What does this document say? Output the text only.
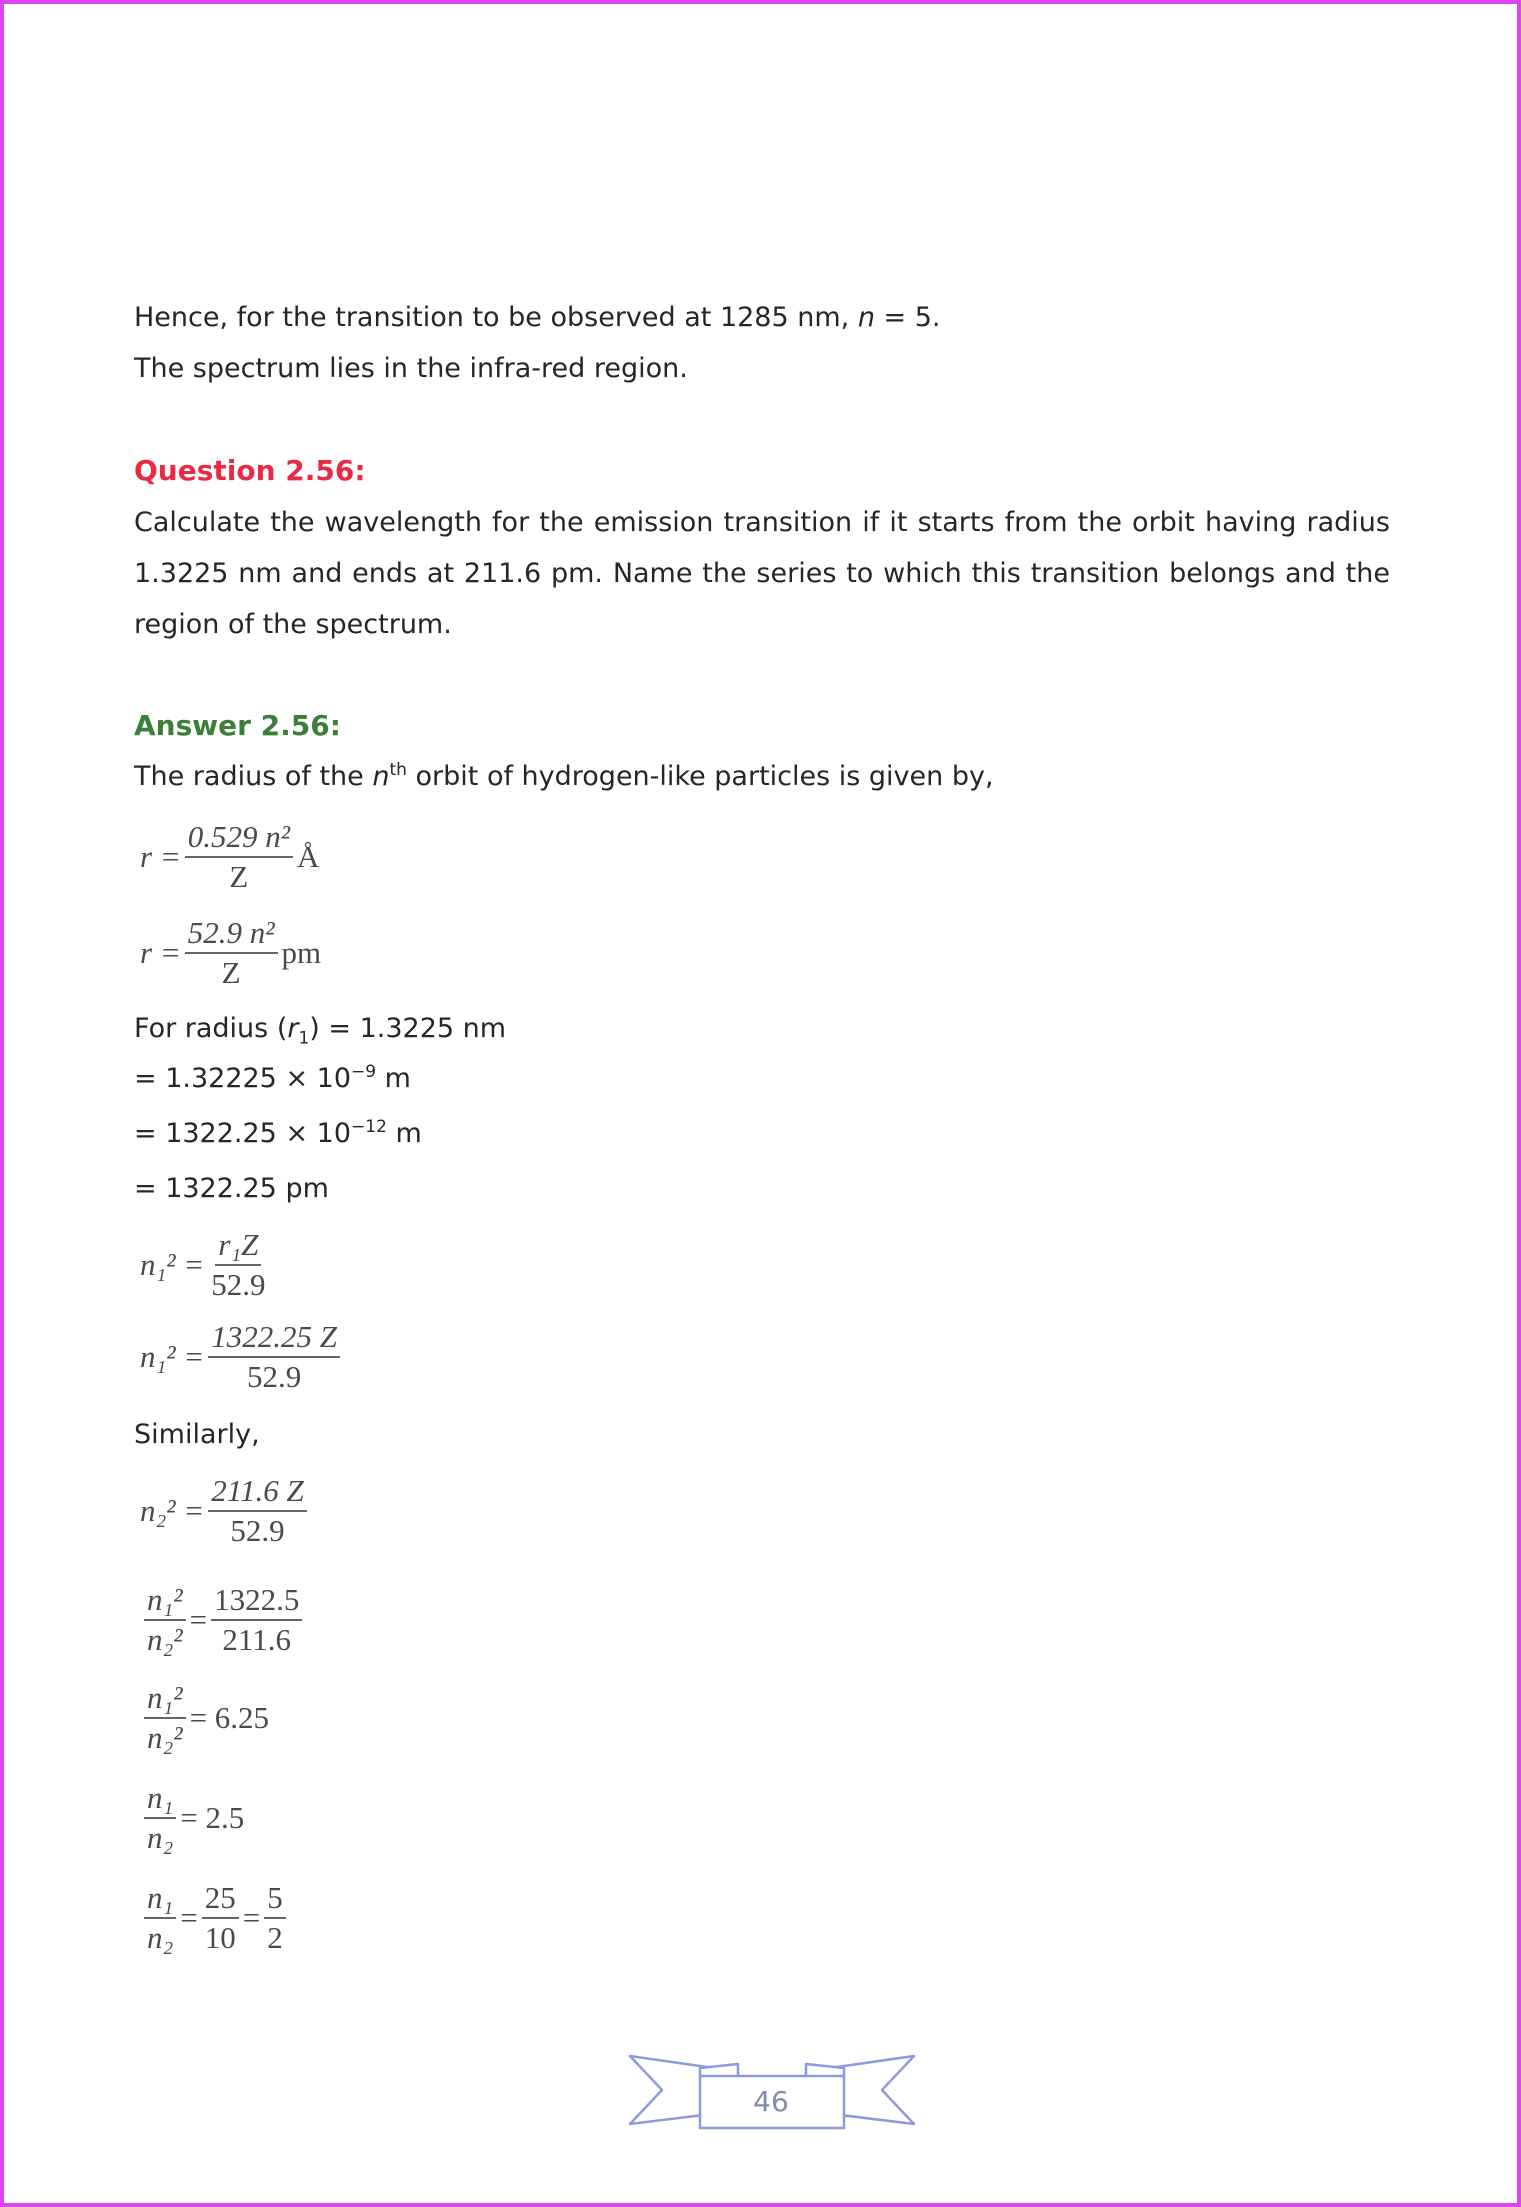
Hence, for the transition to be observed at 1285 nm, n = 5.
The spectrum lies in the infra-red region.
Question 2.56:
Calculate the wavelength for the emission transition if it starts from the orbit having radius 1.3225 nm and ends at 211.6 pm. Name the series to which this transition belongs and the region of the spectrum.
Answer 2.56:
The radius of the $n^{th}$ orbit of hydrogen-like particles is given by,
$r = \frac{\text{0.529 n²}}{Z}$ Å
$r = \frac{\text{52.9 n²}}{Z}$ pm
For radius $(r_1) = 1.3225$ nm
= $1.32225 \times 10^{-9}$ m
= $1322.25 \times 10^{-12}$ m
= 1322.25 pm
$n_1^2 = \frac{\text{r₁Z}}{52.9}$
$n_1^2 = \frac{1322.25 Z}{52.9}$
Similarly,
$n_2^2 = \frac{211.6 Z}{52.9}$
$\frac{\text{n₁²}}{\text{n₂²}} = \frac{1322.5}{211.6}$
$\frac{\text{n₁²}}{\text{n₂²}} = 6.25$
$\frac{\text{n₁}}{\text{n₂}} = 2.5$
$\frac{\text{n₁}}{\text{n₂}} = \frac{25}{10} = \frac{5}{2}$
46
